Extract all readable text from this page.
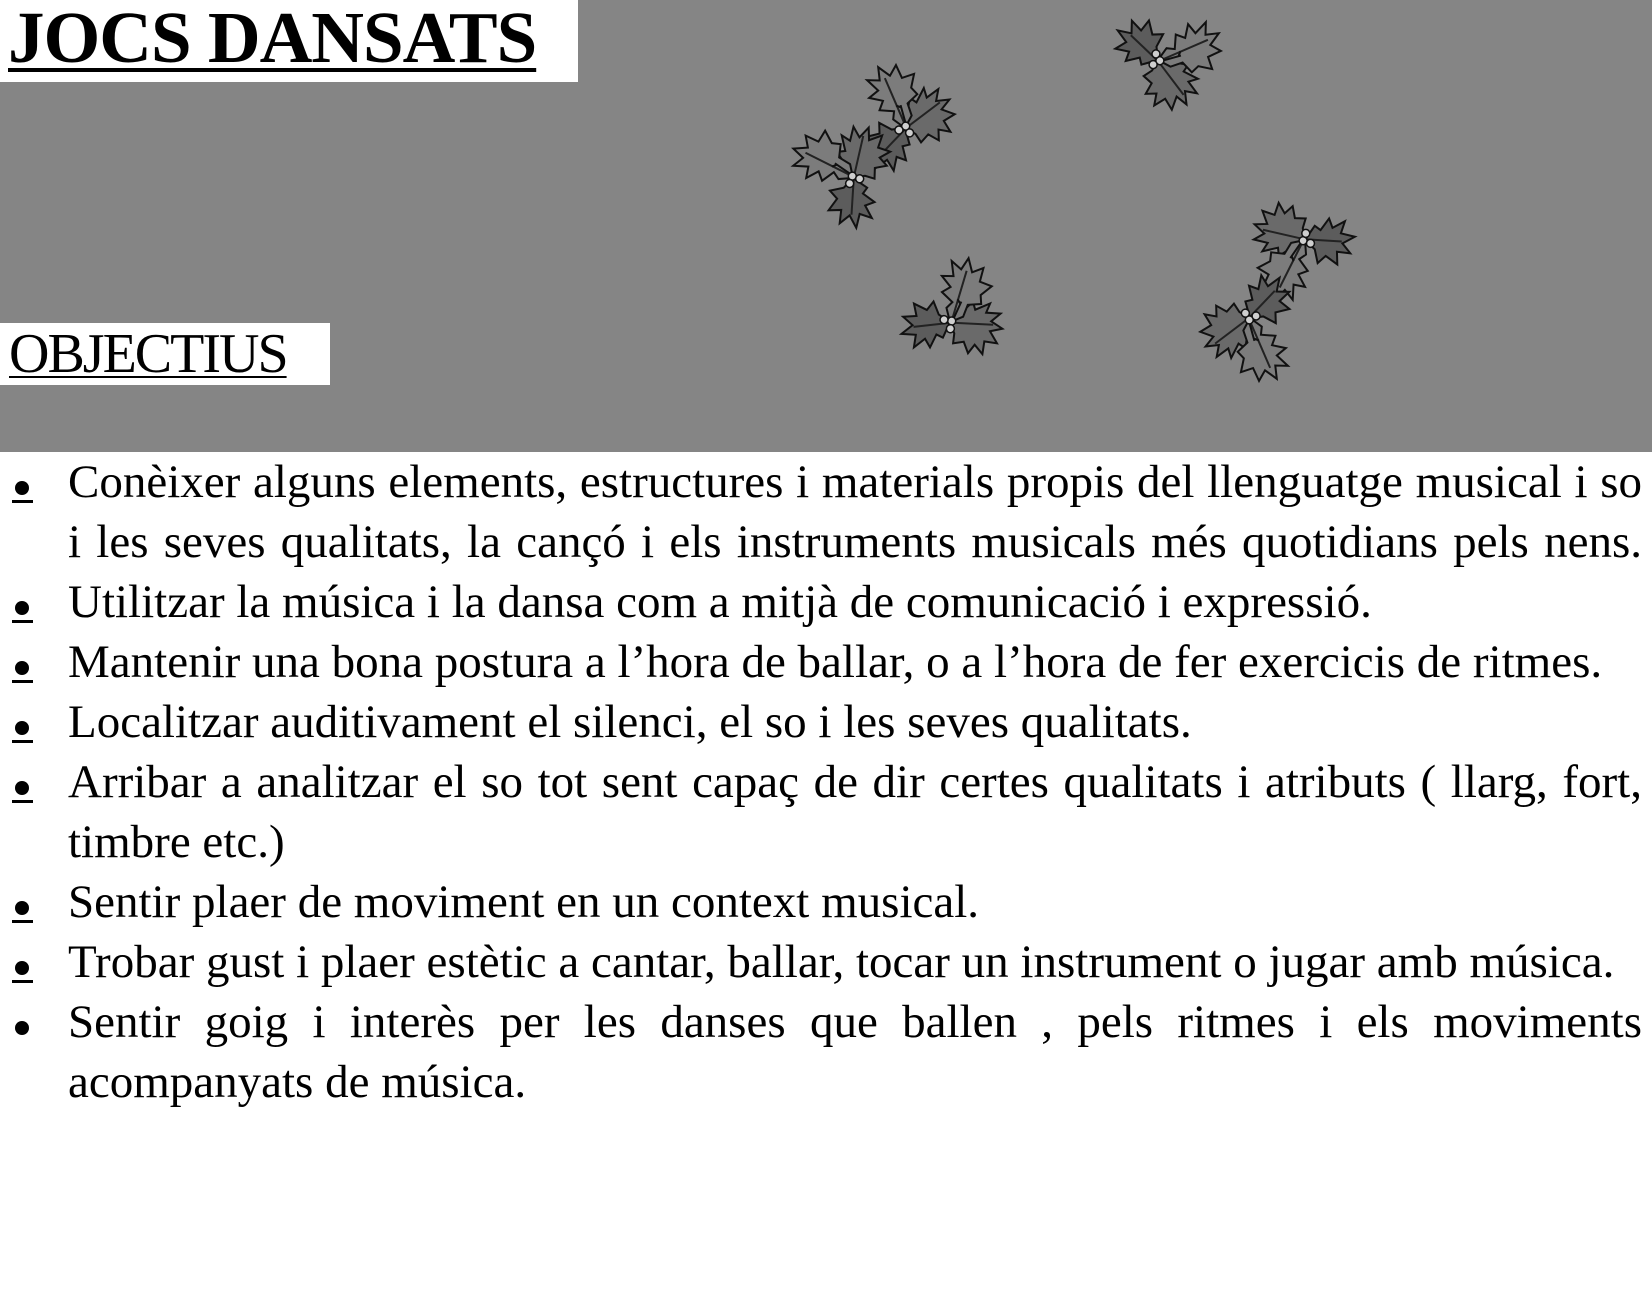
JOCS DANSATS
OBJECTIUS
Conèixer alguns elements, estructures i materials propis del llenguatge musical i so i les seves qualitats, la cançó i els instruments musicals més quotidians pels nens.
Utilitzar la música i la dansa com a mitjà de comunicació i expressió.
Mantenir una bona postura a l’hora de ballar, o a l’hora de fer exercicis de ritmes.
Localitzar auditivament el silenci, el so i les seves qualitats.
Arribar a analitzar el so tot sent capaç de dir certes qualitats i atributs ( llarg, fort, timbre etc.)
Sentir plaer de moviment en un context musical.
Trobar gust i plaer estètic a cantar, ballar, tocar un instrument o jugar amb música.
Sentir goig i interès per les danses que ballen , pels ritmes i els moviments acompanyats de música.
